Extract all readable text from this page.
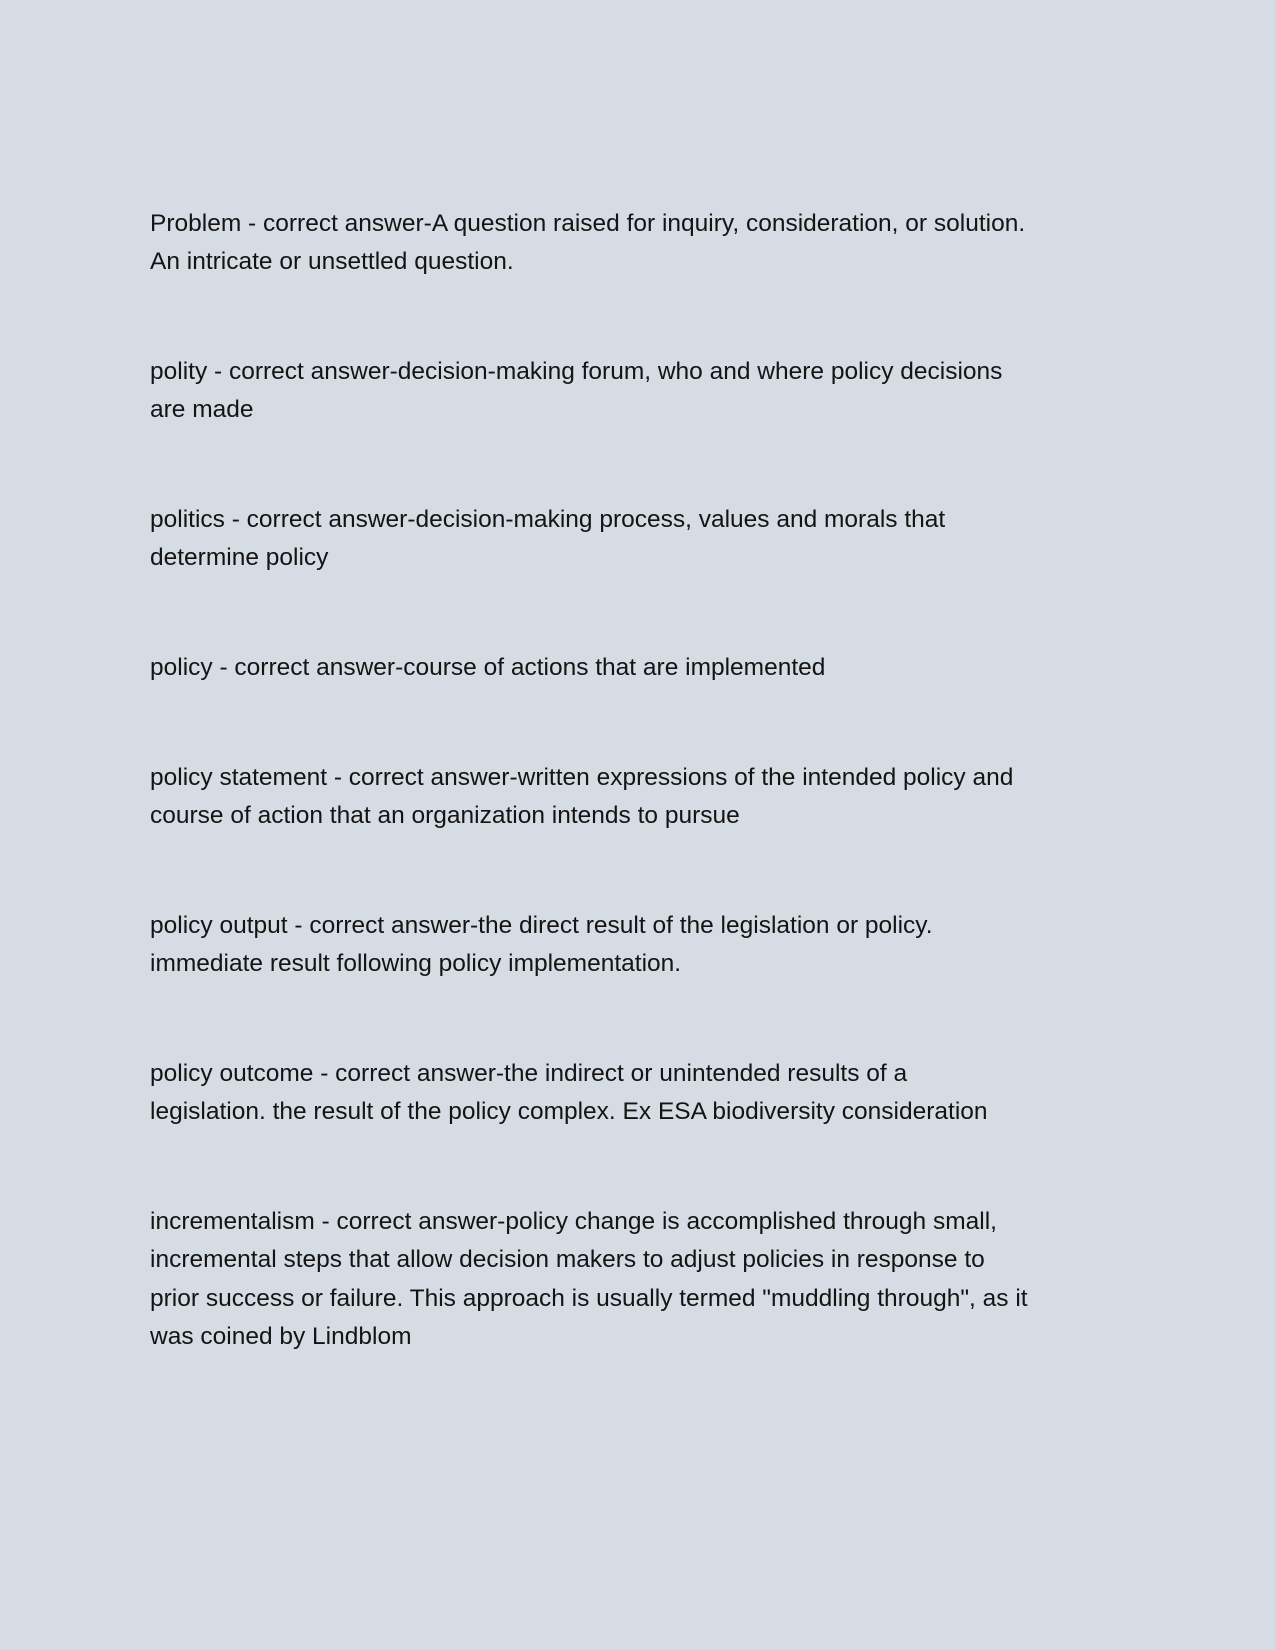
Problem - correct answer-A question raised for inquiry, consideration, or solution.
An intricate or unsettled question.

polity - correct answer-decision-making forum, who and where policy decisions
are made

politics - correct answer-decision-making process, values and morals that
determine policy

policy - correct answer-course of actions that are implemented

policy statement - correct answer-written expressions of the intended policy and
course of action that an organization intends to pursue

policy output - correct answer-the direct result of the legislation or policy.
immediate result following policy implementation.

policy outcome - correct answer-the indirect or unintended results of a
legislation. the result of the policy complex. Ex ESA biodiversity consideration

incrementalism - correct answer-policy change is accomplished through small,
incremental steps that allow decision makers to adjust policies in response to
prior success or failure. This approach is usually termed "muddling through", as it
was coined by Lindblom
